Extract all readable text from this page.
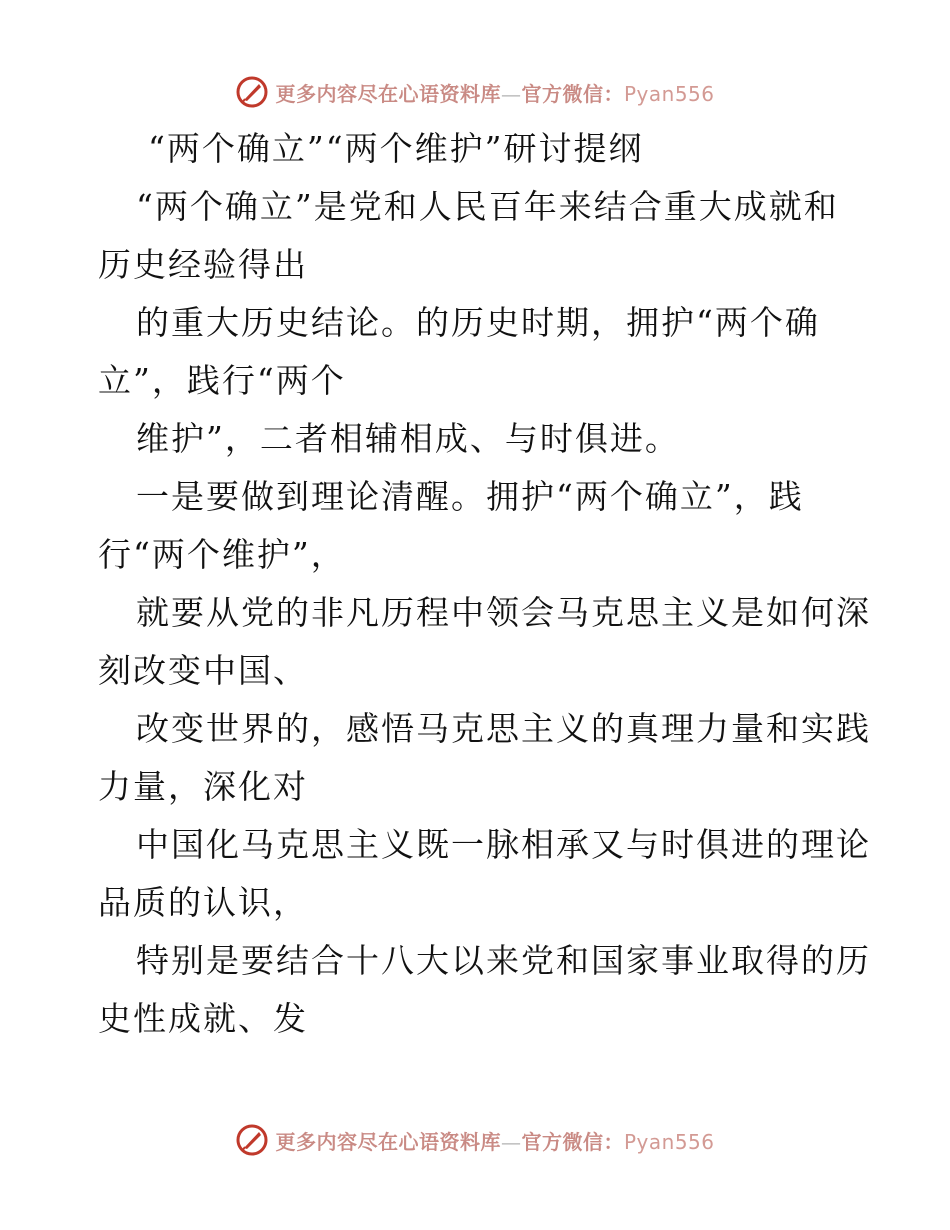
更多内容尽在心语资料库—官方微信：Pyan556
“两个确立”“两个维护”研讨提纲
“两个确立”是党和人民百年来结合重大成就和
历史经验得出
的重大历史结论。的历史时期，拥护“两个确
立”，践行“两个
维护”，二者相辅相成、与时俱进。
一是要做到理论清醒。拥护“两个确立”，践
行“两个维护”，
就要从党的非凡历程中领会马克思主义是如何深
刻改变中国、
改变世界的，感悟马克思主义的真理力量和实践
力量，深化对
中国化马克思主义既一脉相承又与时俱进的理论
品质的认识，
特别是要结合十八大以来党和国家事业取得的历
史性成就、发
更多内容尽在心语资料库—官方微信：Pyan556
